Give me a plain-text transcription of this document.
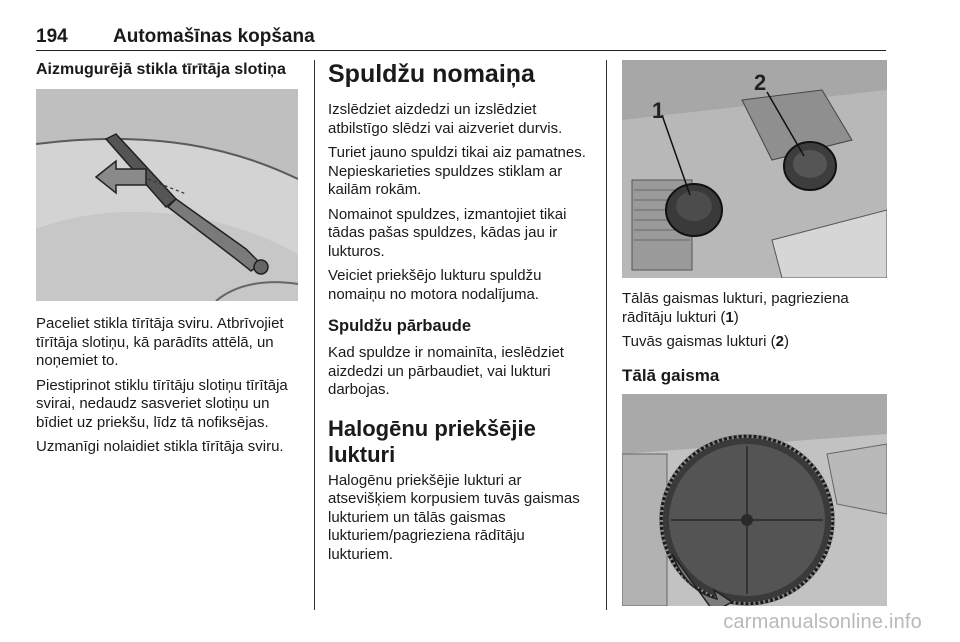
194 Automašīnas kopšana
Aizmugurējā stikla tīrītāja slotiņa

Paceliet stikla tīrītāja sviru. Atbrīvojiet tīrītāja slotiņu, kā parādīts attēlā, un noņemiet to.

Piestiprinot stiklu tīrītāju slotiņu tīrītāja svirai, nedaudz sasveriet slotiņu un bīdiet uz priekšu, līdz tā nofiksējas.

Uzmanīgi nolaidiet stikla tīrītāja sviru.

Spuldžu nomaiņa

Izslēdziet aizdedzi un izslēdziet atbilstīgo slēdzi vai aizveriet durvis.

Turiet jauno spuldzi tikai aiz pamatnes. Nepieskarieties spuldzes stiklam ar kailām rokām.

Nomainot spuldzes, izmantojiet tikai tādas pašas spuldzes, kādas jau ir lukturos.

Veiciet priekšējo lukturu spuldžu nomaiņu no motora nodalījuma.

Spuldžu pārbaude

Kad spuldze ir nomainīta, ieslēdziet aizdedzi un pārbaudiet, vai lukturi darbojas.

Halogēnu priekšējie lukturi

Halogēnu priekšējie lukturi ar atsevišķiem korpusiem tuvās gaismas lukturiem un tālās gaismas lukturiem/pagrieziena rādītāju lukturiem.

1
2

Tālās gaismas lukturi, pagrieziena rādītāju lukturi (1)

Tuvās gaismas lukturi (2)

Tālā gaisma
carmanualsonline.info
